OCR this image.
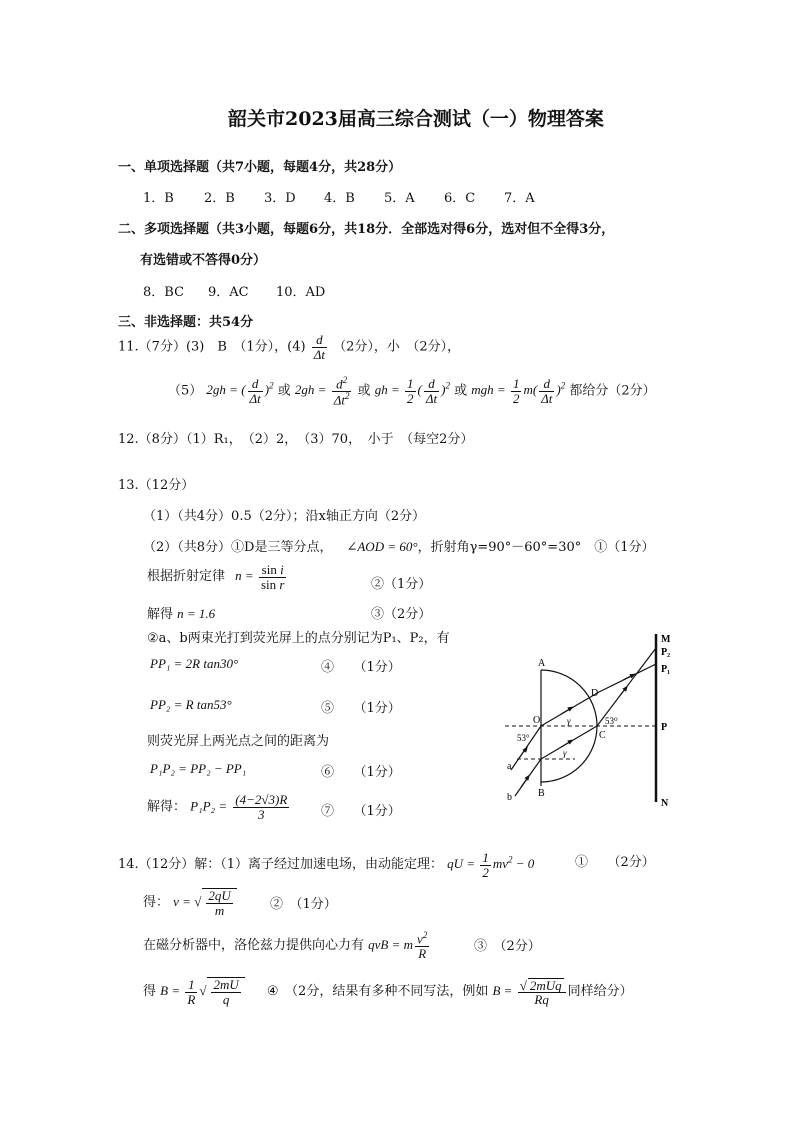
韶关市2023届高三综合测试（一）物理答案
一、单项选择题（共7小题，每题4分，共28分）
1．B 2．B 3．D 4．B 5．A 6．C 7．A
二、多项选择题（共3小题，每题6分，共18分．全部选对得6分，选对但不全得3分，
有选错或不答得0分）
8．BC 9．AC 10．AD
三、非选择题：共54分
11.（7分）(3)　B　（1分），$(4) \frac{d}{\Delta t} (2$分），小　（2分），
（5） 2gh = ( $\frac{d}{\Delta t} )^2$ 或 $2gh = \frac{d^2}{\Delta t^2}$ 或 gh = $\frac{1}{2}$ ( $\frac{d}{\Delta t} )^2$ 或 mgh = $\frac{1}{2} m( \frac{d}{\Delta t} )^2$ 都给分（2分）
12.（8分）（1）R₁，　（2）2，　（3）70，　小于　（每空2分）
13.（12分）
（1）（共4分）0.5（2分）；沿x轴正方向（2分）
（2）（共8分）①D是三等分点， ∠AOD = 60°，折射角γ=90°－60°=30°　①（1分）
根据折射定律 $n = \frac{\text{sin i}}{\text{sin r}}$	②（1分）
解得 n = 1.6	③（2分）
②a、b两束光打到荧光屏上的点分别记为P₁、P₂，有
PP₁ = 2R tan30°	④　　（1分）
PP₂ = R tan53°	⑤　　（1分）
则荧光屏上两光点之间的距离为
P₁P₂ = PP₂ − PP₁	⑥　　（1分）
解得： $P_1P_2 = \frac{(4-2√3)R}{3}$ ⑦　　（1分）
M
P₂
P₁
P
N
A
B
O
C
D
a
b
53°
53⁰
γ
γ
14.（12分）解：（1）离子经过加速电场，由动能定理： qU = $\frac{1}{2} mv^2 - 0$	①　　（2分）
得： v = √ $\frac{2qU}{m}$	②　（1分）
在磁分析器中，洛伦兹力提供向心力有 qvB = m $\frac{v^2}{R}$	③　（2分）
得 $B = \frac{1}{R}$ √ $\frac{2mU}{q}$ ④　（2分，结果有多种不同写法，例如 $B = \frac{\text{√ 2mUq}}{Rq}$ 同样给分）
